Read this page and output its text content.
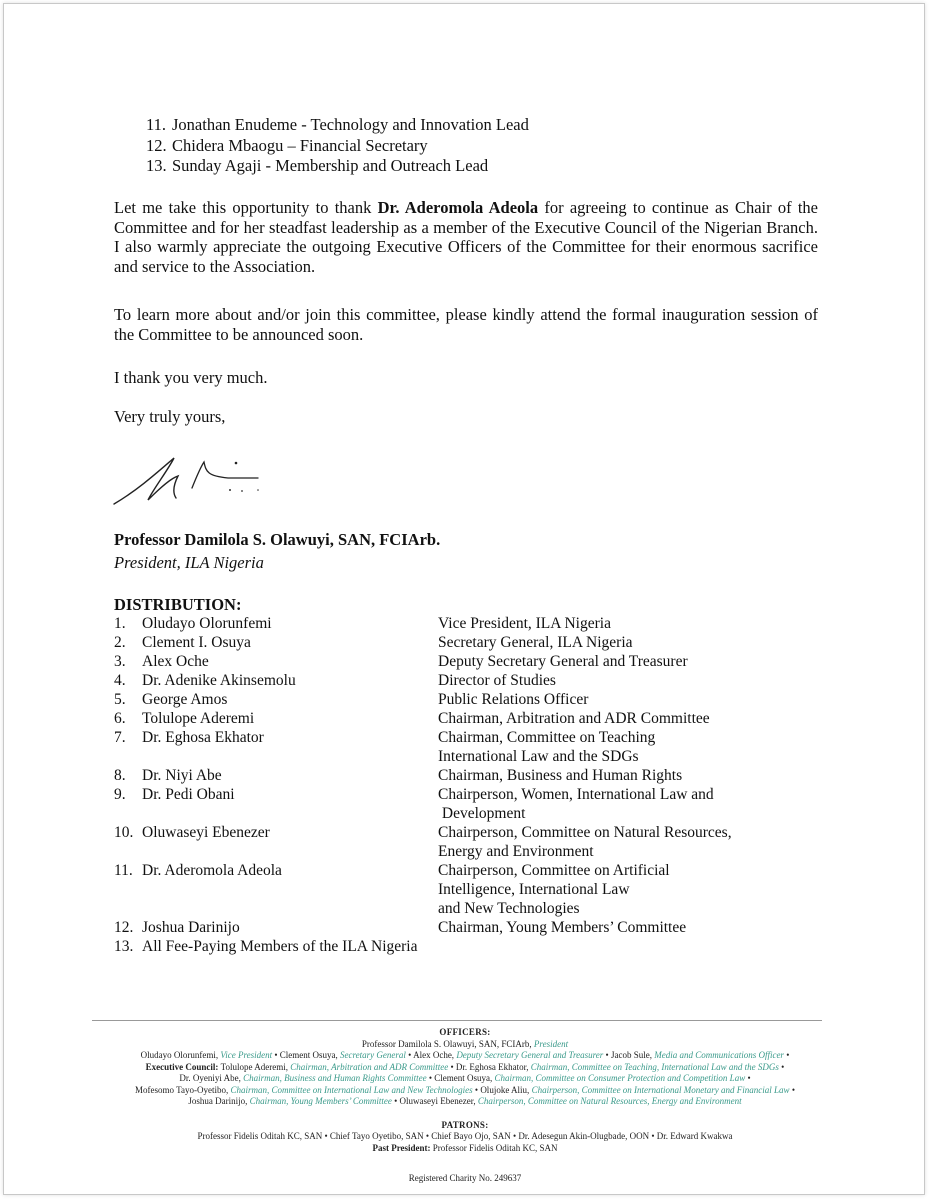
11. Jonathan Enudeme - Technology and Innovation Lead
12. Chidera Mbaogu – Financial Secretary
13. Sunday Agaji - Membership and Outreach Lead

Let me take this opportunity to thank Dr. Aderomola Adeola for agreeing to continue as Chair of the Committee and for her steadfast leadership as a member of the Executive Council of the Nigerian Branch. I also warmly appreciate the outgoing Executive Officers of the Committee for their enormous sacrifice and service to the Association.

To learn more about and/or join this committee, please kindly attend the formal inauguration session of the Committee to be announced soon.

I thank you very much.
Very truly yours,
Professor Damilola S. Olawuyi, SAN, FCIArb.
President, ILA Nigeria
DISTRIBUTION:
1.	Oludayo Olorunfemi	Vice President, ILA Nigeria
2.	Clement I. Osuya	Secretary General, ILA Nigeria
3.	Alex Oche	Deputy Secretary General and Treasurer
4.	Dr. Adenike Akinsemolu	Director of Studies
5.	George Amos	Public Relations Officer
6.	Tolulope Aderemi	Chairman, Arbitration and ADR Committee
7.	Dr. Eghosa Ekhator	Chairman, Committee on Teaching
International Law and the SDGs
8.	Dr. Niyi Abe	Chairman, Business and Human Rights
9.	Dr. Pedi Obani	Chairperson, Women, International Law and
Development
10. Oluwaseyi Ebenezer	Chairperson, Committee on Natural Resources,
Energy and Environment
11. Dr. Aderomola Adeola	Chairperson, Committee on Artificial
Intelligence, International Law
and New Technologies
12. Joshua Darinijo	Chairman, Young Members’ Committee
13. All Fee-Paying Members of the ILA Nigeria
OFFICERS:
Professor Damilola S. Olawuyi, SAN, FCIArb, President
Oludayo Olorunfemi, Vice President • Clement Osuya, Secretary General • Alex Oche, Deputy Secretary General and Treasurer • Jacob Sule, Media and Communications Officer •
Executive Council: Tolulope Aderemi, Chairman, Arbitration and ADR Committee • Dr. Eghosa Ekhator, Chairman, Committee on Teaching, International Law and the SDGs •
Dr. Oyeniyi Abe, Chairman, Business and Human Rights Committee • Clement Osuya, Chairman, Committee on Consumer Protection and Competition Law •
Mofesomo Tayo-Oyetibo, Chairman, Committee on International Law and New Technologies • Olujoke Aliu, Chairperson, Committee on International Monetary and Financial Law •
Joshua Darinijo, Chairman, Young Members’ Committee • Oluwaseyi Ebenezer, Chairperson, Committee on Natural Resources, Energy and Environment
PATRONS:
Professor Fidelis Oditah KC, SAN • Chief Tayo Oyetibo, SAN • Chief Bayo Ojo, SAN • Dr. Adesegun Akin-Olugbade, OON • Dr. Edward Kwakwa
Past President: Professor Fidelis Oditah KC, SAN
Registered Charity No. 249637
